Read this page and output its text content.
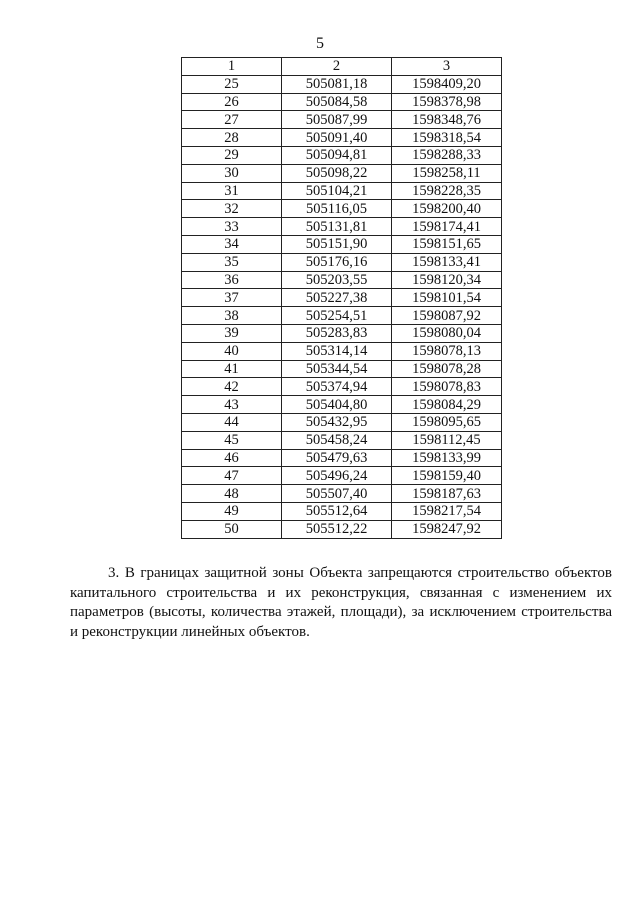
5
1	2	3
25	505081,18	1598409,20
26	505084,58	1598378,98
27	505087,99	1598348,76
28	505091,40	1598318,54
29	505094,81	1598288,33
30	505098,22	1598258,11
31	505104,21	1598228,35
32	505116,05	1598200,40
33	505131,81	1598174,41
34	505151,90	1598151,65
35	505176,16	1598133,41
36	505203,55	1598120,34
37	505227,38	1598101,54
38	505254,51	1598087,92
39	505283,83	1598080,04
40	505314,14	1598078,13
41	505344,54	1598078,28
42	505374,94	1598078,83
43	505404,80	1598084,29
44	505432,95	1598095,65
45	505458,24	1598112,45
46	505479,63	1598133,99
47	505496,24	1598159,40
48	505507,40	1598187,63
49	505512,64	1598217,54
50	505512,22	1598247,92

3. В границах защитной зоны Объекта запрещаются строительство объектов капитального строительства и их реконструкция, связанная с изменением их параметров (высоты, количества этажей, площади), за исключением строительства и реконструкции линейных объектов.
